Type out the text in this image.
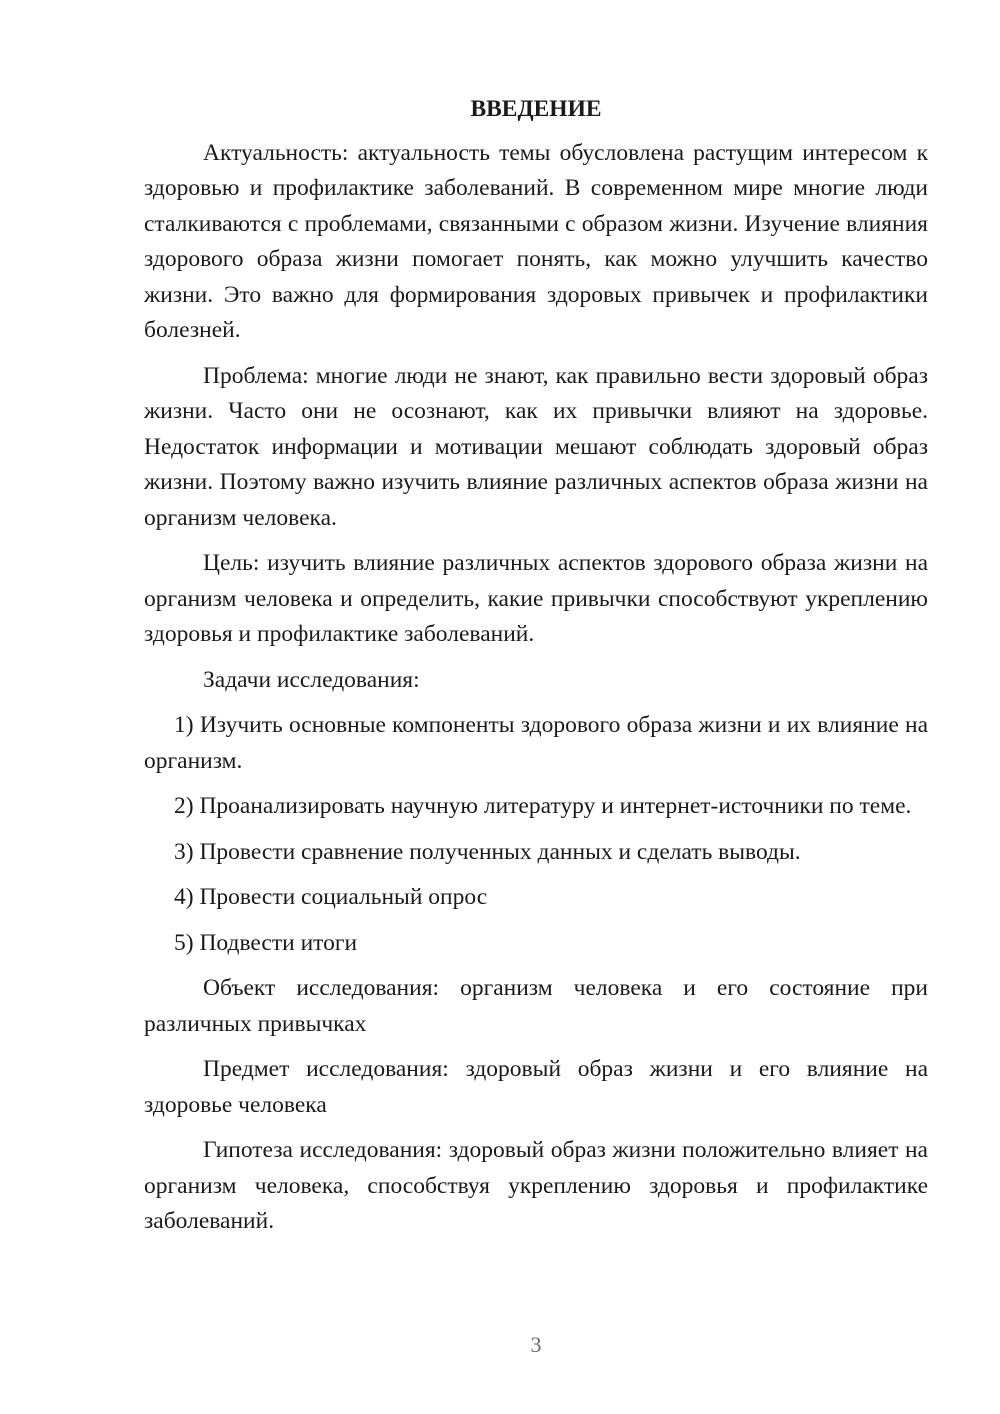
ВВЕДЕНИЕ

Актуальность: актуальность темы обусловлена растущим интересом к здоровью и профилактике заболеваний. В современном мире многие люди сталкиваются с проблемами, связанными с образом жизни. Изучение влияния здорового образа жизни помогает понять, как можно улучшить качество жизни. Это важно для формирования здоровых привычек и профилактики болезней.

Проблема: многие люди не знают, как правильно вести здоровый образ жизни. Часто они не осознают, как их привычки влияют на здоровье. Недостаток информации и мотивации мешают соблюдать здоровый образ жизни. Поэтому важно изучить влияние различных аспектов образа жизни на организм человека.

Цель: изучить влияние различных аспектов здорового образа жизни на организм человека и определить, какие привычки способствуют укреплению здоровья и профилактике заболеваний.

Задачи исследования:

1) Изучить основные компоненты здорового образа жизни и их влияние на организм.

2) Проанализировать научную литературу и интернет-источники по теме.

3) Провести сравнение полученных данных и сделать выводы.

4) Провести социальный опрос

5) Подвести итоги

Объект исследования: организм человека и его состояние при различных привычках

Предмет исследования: здоровый образ жизни и его влияние на здоровье человека

Гипотеза исследования: здоровый образ жизни положительно влияет на организм человека, способствуя укреплению здоровья и профилактике заболеваний.

3
